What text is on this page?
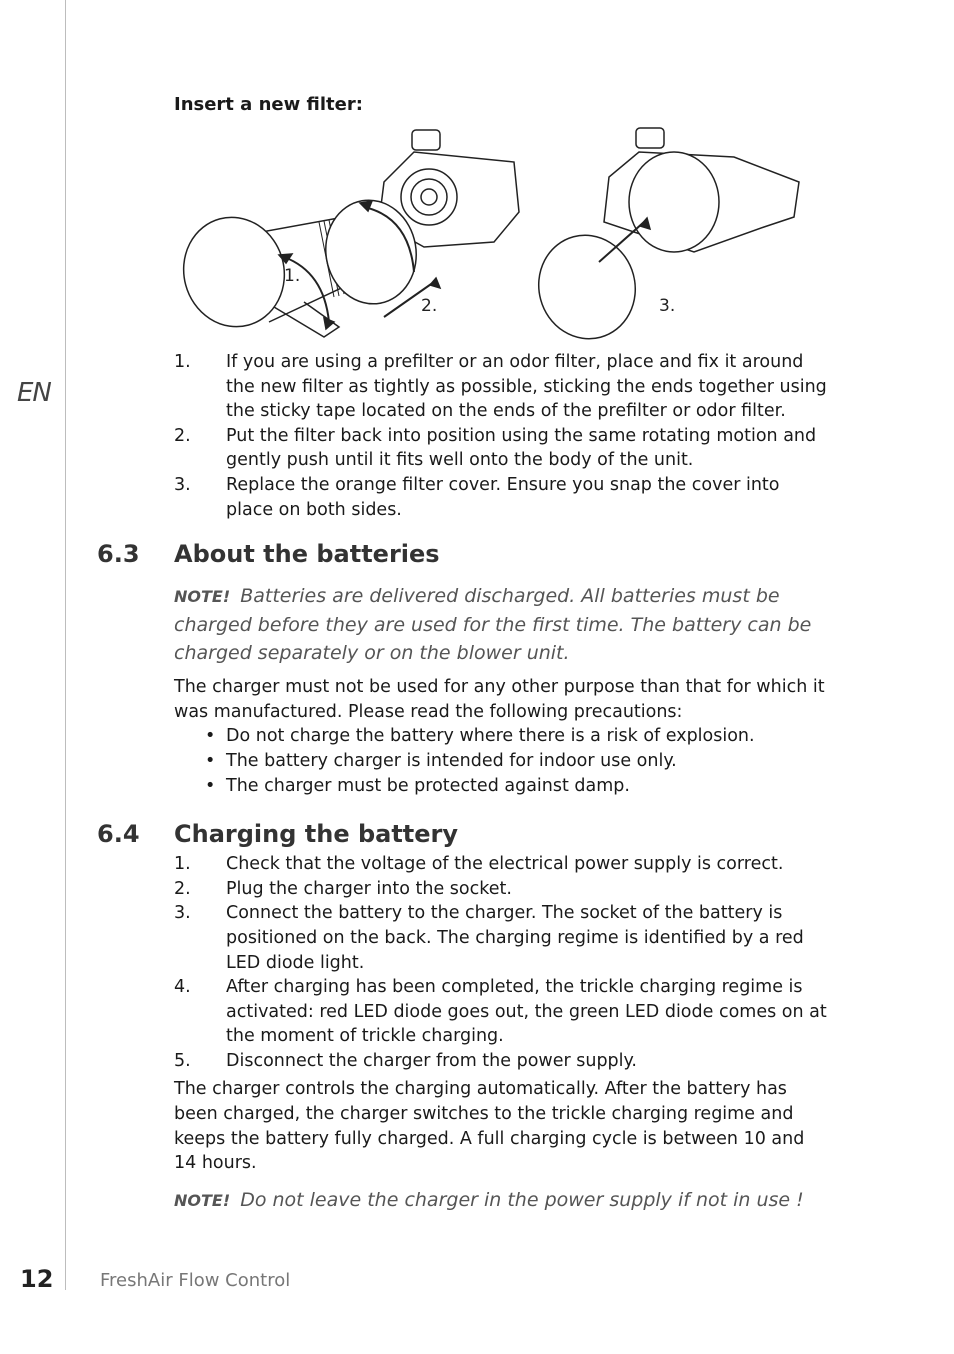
EN
12	FreshAir Flow Control
Insert a new filter:
1.
2.	3.
1. If you are using a prefilter or an odor filter, place and fix it around the new filter as tightly as possible, sticking the ends together using the sticky tape located on the ends of the prefilter or odor filter.
2. Put the filter back into position using the same rotating motion and gently push until it fits well onto the body of the unit.
3. Replace the orange filter cover. Ensure you snap the cover into place on both sides.
6.3	About the batteries
NOTE! Batteries are delivered discharged. All batteries must be charged before they are used for the first time. The battery can be charged separately or on the blower unit.
The charger must not be used for any other purpose than that for which it was manufactured. Please read the following precautions:
• Do not charge the battery where there is a risk of explosion.
• The battery charger is intended for indoor use only.
• The charger must be protected against damp.
6.4	Charging the battery
1. Check that the voltage of the electrical power supply is correct.
2. Plug the charger into the socket.
3. Connect the battery to the charger. The socket of the battery is positioned on the back. The charging regime is identified by a red LED diode light.
4. After charging has been completed, the trickle charging regime is activated: red LED diode goes out, the green LED diode comes on at the moment of trickle charging.
5. Disconnect the charger from the power supply.
The charger controls the charging automatically. After the battery has been charged, the charger switches to the trickle charging regime and keeps the battery fully charged. A full charging cycle is between 10 and 14 hours.
NOTE! Do not leave the charger in the power supply if not in use !
